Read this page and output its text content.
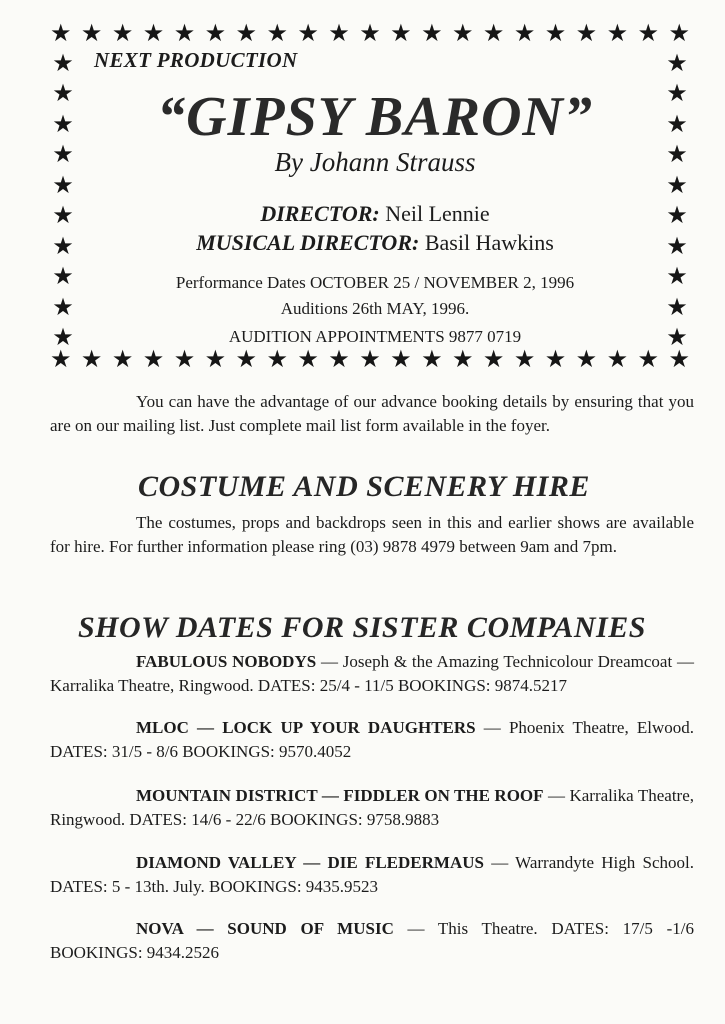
★ ★ ★ ★ ★ ★ ★ ★ ★ ★ ★ ★ ★ ★ ★ ★ ★ ★ ★ ★ ★
★ ★ ★ ★ ★ ★ ★ ★ ★ ★ ★ ★ ★ ★ ★ ★ ★ ★ ★ ★ ★
★
★
★
★
★
★
★
★
★
★
★
★
★
★
★
★
★
★
★
★
NEXT PRODUCTION
“GIPSY BARON”
By Johann Strauss
DIRECTOR: Neil Lennie
MUSICAL DIRECTOR: Basil Hawkins
Performance Dates OCTOBER 25 / NOVEMBER 2, 1996
Auditions 26th MAY, 1996.
AUDITION APPOINTMENTS 9877 0719
You can have the advantage of our advance booking details by ensuring that you are on our mailing list. Just complete mail list form available in the foyer.
COSTUME AND SCENERY HIRE
The costumes, props and backdrops seen in this and earlier shows are available for hire. For further information please ring (03) 9878 4979 between 9am and 7pm.
SHOW DATES FOR SISTER COMPANIES
FABULOUS NOBODYS — Joseph & the Amazing Technicolour Dreamcoat — Karralika Theatre, Ringwood. DATES: 25/4 - 11/5 BOOKINGS: 9874.5217
MLOC — LOCK UP YOUR DAUGHTERS — Phoenix Theatre, Elwood. DATES: 31/5 - 8/6 BOOKINGS: 9570.4052
MOUNTAIN DISTRICT — FIDDLER ON THE ROOF — Karralika Theatre, Ringwood. DATES: 14/6 - 22/6 BOOKINGS: 9758.9883
DIAMOND VALLEY — DIE FLEDERMAUS — Warrandyte High School. DATES: 5 - 13th. July. BOOKINGS: 9435.9523
NOVA — SOUND OF MUSIC — This Theatre. DATES: 17/5 -1/6 BOOKINGS: 9434.2526
